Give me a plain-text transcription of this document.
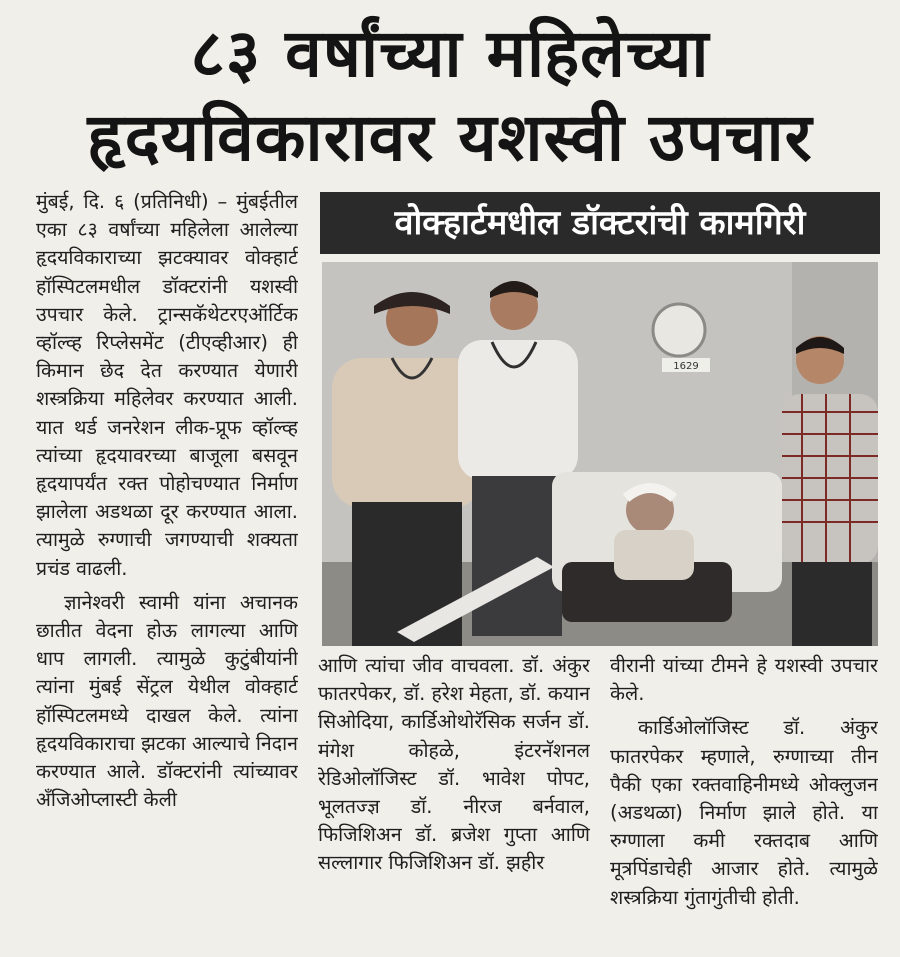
८३ वर्षांच्या महिलेच्या
हृदयविकारावर यशस्वी उपचार

मुंबई, दि. ६ (प्रतिनिधी) – मुंबईतील एका ८३ वर्षांच्या महिलेला आलेल्या हृदयविकाराच्या झटक्यावर वोक्हार्ट हॉस्पिटलमधील डॉक्टरांनी यशस्वी उपचार केले. ट्रान्सकॅथेटरएऑर्टिक व्हॉल्व्ह रिप्लेसमेंट (टीएव्हीआर) ही किमान छेद देत करण्यात येणारी शस्त्रक्रिया महिलेवर करण्यात आली. यात थर्ड जनरेशन लीक-प्रूफ व्हॉल्व्ह त्यांच्या हृदयावरच्या बाजूला बसवून हृदयापर्यंत रक्त पोहोचण्यात निर्माण झालेला अडथळा दूर करण्यात आला. त्यामुळे रुग्णाची जगण्याची शक्यता प्रचंड वाढली.

ज्ञानेश्वरी स्वामी यांना अचानक छातीत वेदना होऊ लागल्या आणि धाप लागली. त्यामुळे कुटुंबीयांनी त्यांना मुंबई सेंट्रल येथील वोक्हार्ट हॉस्पिटलमध्ये दाखल केले. त्यांना हृदयविकाराचा झटका आल्याचे निदान करण्यात आले. डॉक्टरांनी त्यांच्यावर अँजिओप्लास्टी केली

वोक्हार्टमधील डॉक्टरांची कामगिरी
1629

आणि त्यांचा जीव वाचवला. डॉ. अंकुर फातरपेकर, डॉ. हरेश मेहता, डॉ. कयान सिओदिया, कार्डिओथोरॅसिक सर्जन डॉ. मंगेश कोहळे, इंटरनॅशनल रेडिओलॉजिस्ट डॉ. भावेश पोपट, भूलतज्ज्ञ डॉ. नीरज बर्नवाल, फिजिशिअन डॉ. ब्रजेश गुप्ता आणि सल्लागार फिजिशिअन डॉ. झहीर

वीरानी यांच्या टीमने हे यशस्वी उपचार केले.

कार्डिओलॉजिस्ट डॉ. अंकुर फातरपेकर म्हणाले, रुग्णाच्या तीन पैकी एका रक्तवाहिनीमध्ये ओक्लुजन (अडथळा) निर्माण झाले होते. या रुग्णाला कमी रक्तदाब आणि मूत्रपिंडाचेही आजार होते. त्यामुळे शस्त्रक्रिया गुंतागुंतीची होती.
